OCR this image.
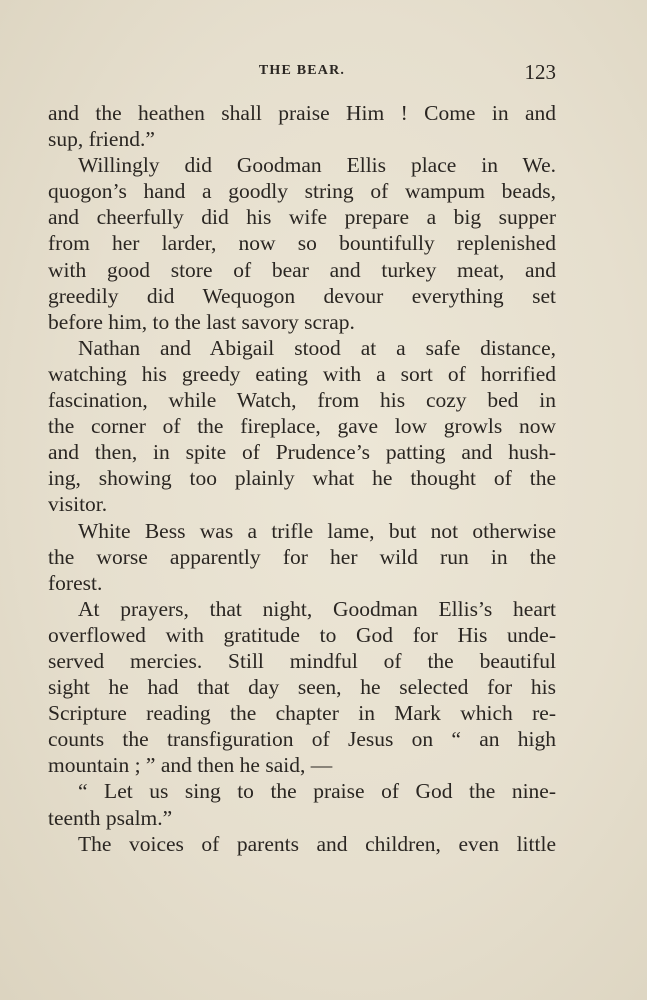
THE BEAR.	123
and the heathen shall praise Him ! Come in and
sup, friend.”
Willingly did Goodman Ellis place in We.
quogon’s hand a goodly string of wampum beads,
and cheerfully did his wife prepare a big supper
from her larder, now so bountifully replenished
with good store of bear and turkey meat, and
greedily did Wequogon devour everything set
before him, to the last savory scrap.
Nathan and Abigail stood at a safe distance,
watching his greedy eating with a sort of horrified
fascination, while Watch, from his cozy bed in
the corner of the fireplace, gave low growls now
and then, in spite of Prudence’s patting and hush-
ing, showing too plainly what he thought of the
visitor.
White Bess was a trifle lame, but not otherwise
the worse apparently for her wild run in the
forest.
At prayers, that night, Goodman Ellis’s heart
overflowed with gratitude to God for His unde-
served mercies. Still mindful of the beautiful
sight he had that day seen, he selected for his
Scripture reading the chapter in Mark which re-
counts the transfiguration of Jesus on “ an high
mountain ; ” and then he said, —
“ Let us sing to the praise of God the nine-
teenth psalm.”
The voices of parents and children, even little
